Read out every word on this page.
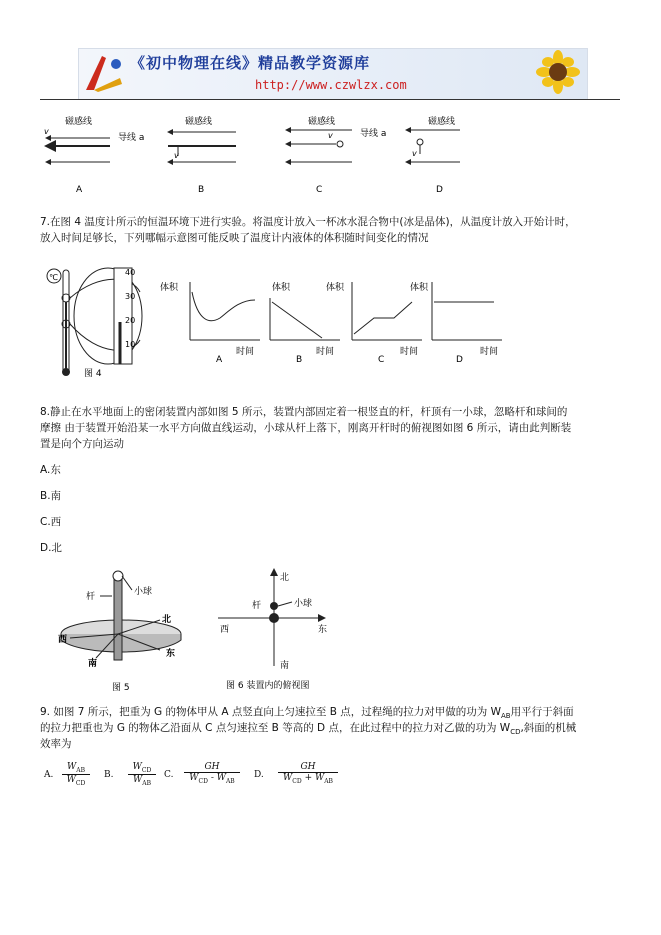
《初中物理在线》精品教学资源库
http://www.czwlzx.com
磁感线
v
导线 a
A
磁感线
v
B
磁感线
v	导线 a
C
磁感线
v
D
7.在图 4 温度计所示的恒温环境下进行实验。将温度计放入一杯冰水混合物中(冰是晶体)，从温度计放入开始计时，
放入时间足够长，下列哪幅示意图可能反映了温度计内液体的体积随时间变化的情况
℃
40
30
20
10
图 4
体积
时间
A
体积
时间
B
体积
时间
C
体积
时间
D
8.静止在水平地面上的密闭装置内部如图 5 所示，装置内部固定着一根竖直的杆，杆顶有一小球，忽略杆和球间的
摩擦 由于装置开始沿某一水平方向做直线运动，小球从杆上落下，刚离开杆时的俯视图如图 6 所示，请由此判断装
置是向个方向运动
A.东
B.南
C.西
D.北
小球
杆
北
东
西
南
图 5
北
西	东
小球
杆
南
图 6 装置内的俯视图
9. 如图 7 所示，把重为 G 的物体甲从 A 点竖直向上匀速拉至 B 点，过程绳的拉力对甲做的功为 $W_{AB}$用平行于斜面
的拉力把重也为 G 的物体乙沿面从 C 点匀速拉至 B 等高的 D 点，在此过程中的拉力对乙做的功为 $W_{CD}$,斜面的机械
效率为
A.
$W_{AB}$
$W_{CD}$
B.
$W_{CD}$
$W_{AB}$
C.
GH
$W_{CD} - W_{AB}$
D.
GH
$W_{CD} + W_{AB}$
